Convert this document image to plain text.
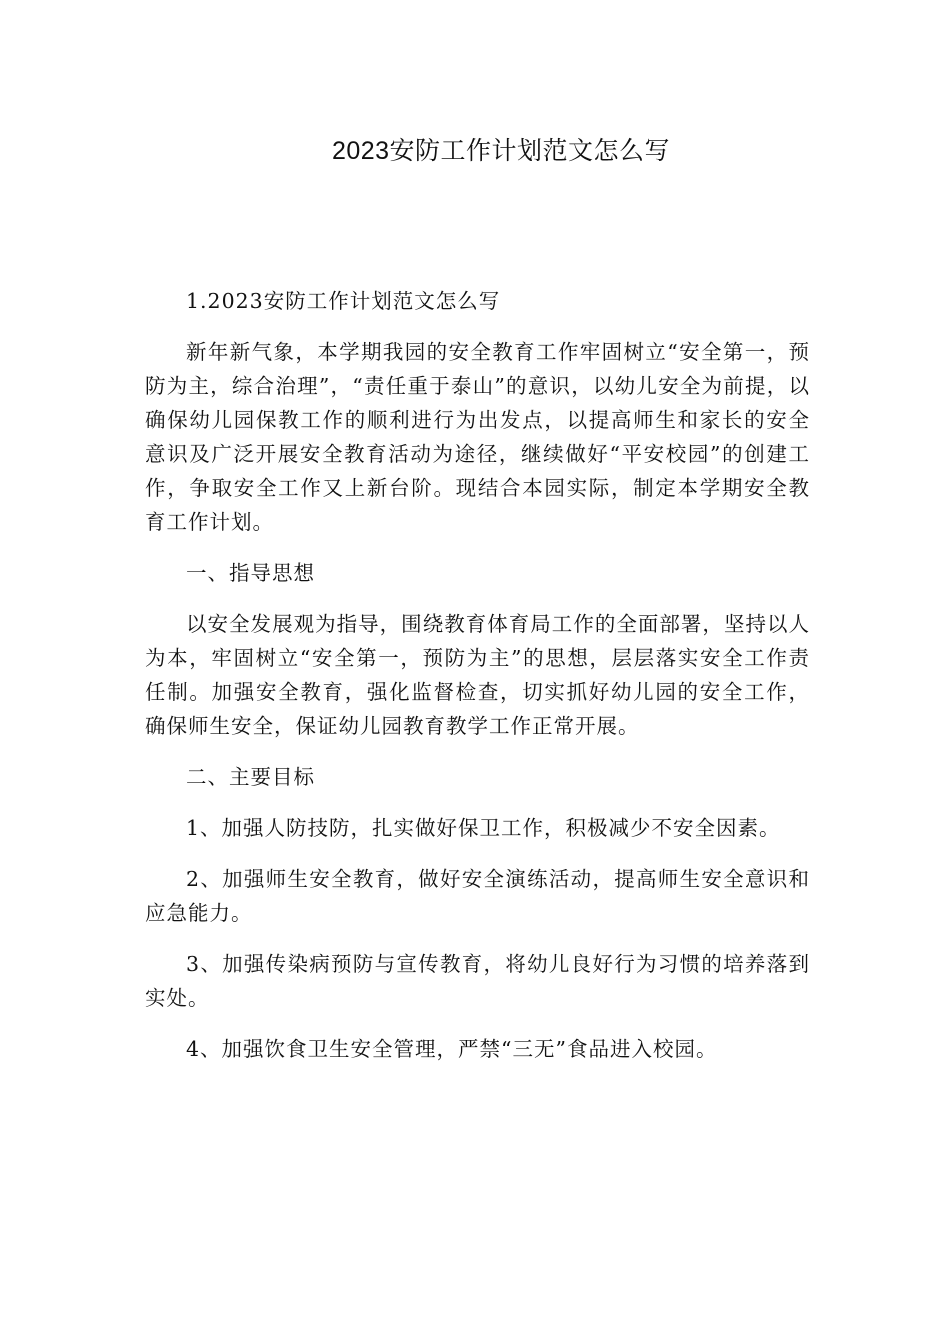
2023安防工作计划范文怎么写

1.2023安防工作计划范文怎么写

新年新气象，本学期我园的安全教育工作牢固树立“安全第一，预防为主，综合治理”，“责任重于泰山”的意识，以幼儿安全为前提，以确保幼儿园保教工作的顺利进行为出发点，以提高师生和家长的安全意识及广泛开展安全教育活动为途径，继续做好“平安校园”的创建工作，争取安全工作又上新台阶。现结合本园实际，制定本学期安全教育工作计划。

一、指导思想

以安全发展观为指导，围绕教育体育局工作的全面部署，坚持以人为本，牢固树立“安全第一，预防为主”的思想，层层落实安全工作责任制。加强安全教育，强化监督检查，切实抓好幼儿园的安全工作，确保师生安全，保证幼儿园教育教学工作正常开展。

二、主要目标

1、加强人防技防，扎实做好保卫工作，积极减少不安全因素。

2、加强师生安全教育，做好安全演练活动，提高师生安全意识和应急能力。

3、加强传染病预防与宣传教育，将幼儿良好行为习惯的培养落到实处。

4、加强饮食卫生安全管理，严禁“三无”食品进入校园。
